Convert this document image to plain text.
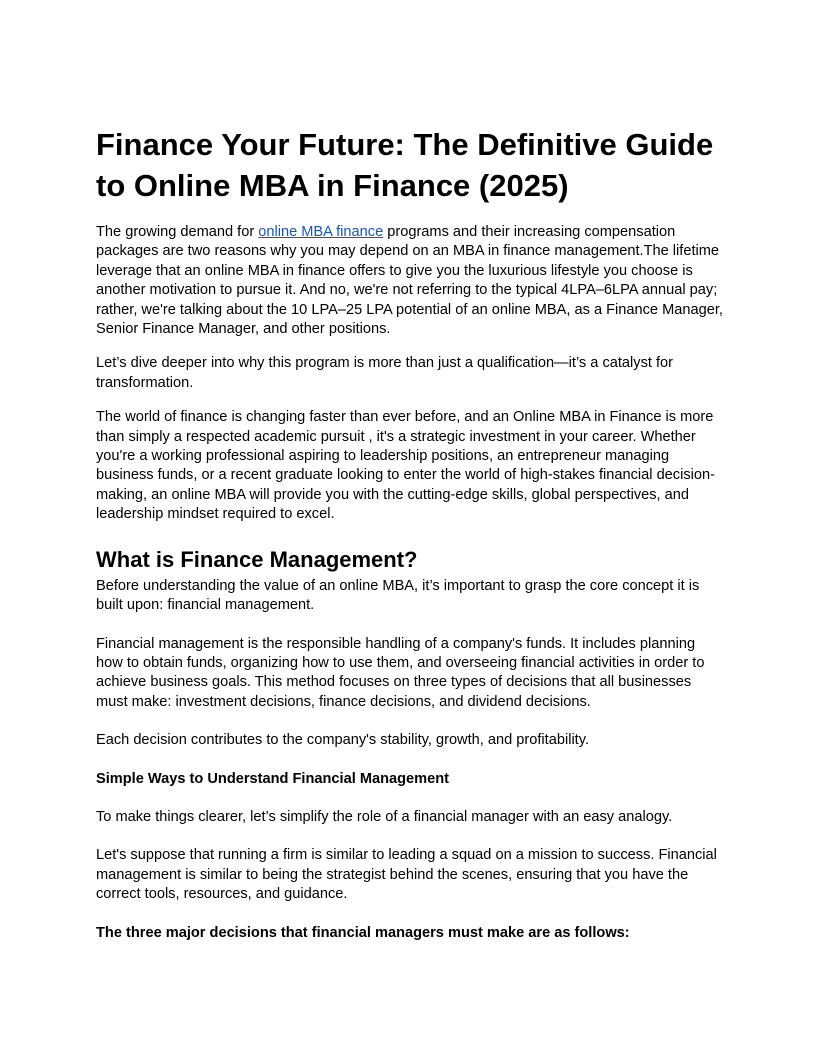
Finance Your Future: The Definitive Guide to Online MBA in Finance (2025)

The growing demand for online MBA finance programs and their increasing compensation packages are two reasons why you may depend on an MBA in finance management.The lifetime leverage that an online MBA in finance offers to give you the luxurious lifestyle you choose is another motivation to pursue it. And no, we're not referring to the typical 4LPA–6LPA annual pay; rather, we're talking about the 10 LPA–25 LPA potential of an online MBA, as a Finance Manager, Senior Finance Manager, and other positions.

Let’s dive deeper into why this program is more than just a qualification—it’s a catalyst for transformation.

The world of finance is changing faster than ever before, and an Online MBA in Finance is more than simply a respected academic pursuit , it's a strategic investment in your career. Whether you're a working professional aspiring to leadership positions, an entrepreneur managing business funds, or a recent graduate looking to enter the world of high-stakes financial decision-making, an online MBA will provide you with the cutting-edge skills, global perspectives, and leadership mindset required to excel.

What is Finance Management?

Before understanding the value of an online MBA, it’s important to grasp the core concept it is built upon: financial management.

Financial management is the responsible handling of a company's funds. It includes planning how to obtain funds, organizing how to use them, and overseeing financial activities in order to achieve business goals. This method focuses on three types of decisions that all businesses must make: investment decisions, finance decisions, and dividend decisions.

Each decision contributes to the company's stability, growth, and profitability.

Simple Ways to Understand Financial Management

To make things clearer, let’s simplify the role of a financial manager with an easy analogy.

Let's suppose that running a firm is similar to leading a squad on a mission to success. Financial management is similar to being the strategist behind the scenes, ensuring that you have the correct tools, resources, and guidance.

The three major decisions that financial managers must make are as follows:
